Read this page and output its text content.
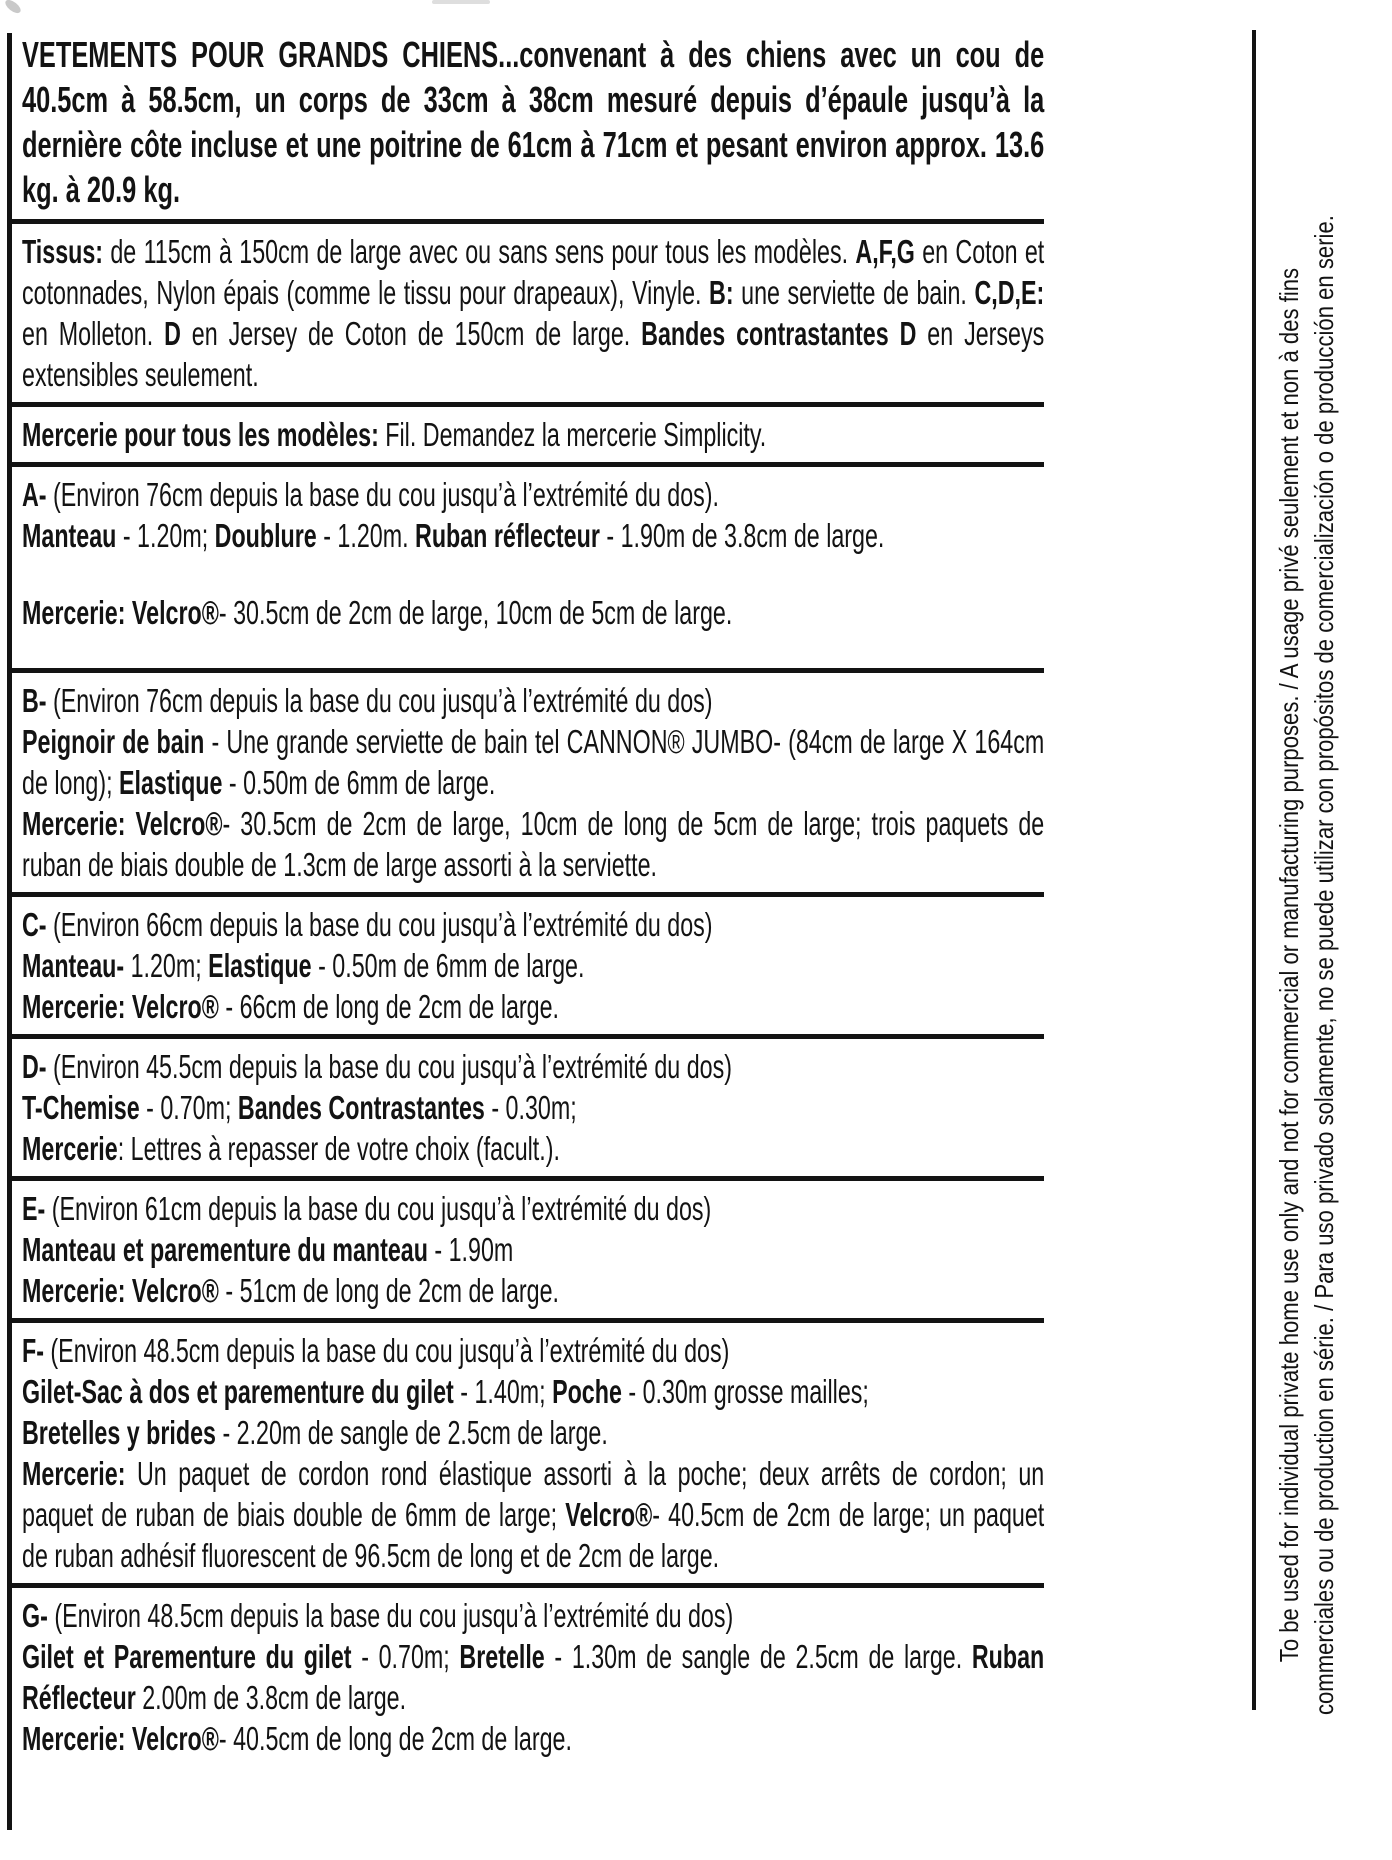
VETEMENTS POUR GRANDS CHIENS...convenant à des chiens avec un cou de 40.5cm à 58.5cm, un corps de 33cm à 38cm mesuré depuis d’épaule jusqu’à la dernière côte incluse et une poitrine de 61cm à 71cm et pesant environ approx. 13.6 kg. à 20.9 kg.

Tissus: de 115cm à 150cm de large avec ou sans sens pour tous les modèles. A,F,G en Coton et cotonnades, Nylon épais (comme le tissu pour drapeaux), Vinyle. B: une serviette de bain. C,D,E: en Molleton. D en Jersey de Coton de 150cm de large. Bandes contrastantes D en Jerseys extensibles seulement.

Mercerie pour tous les modèles: Fil. Demandez la mercerie Simplicity.

A- (Environ 76cm depuis la base du cou jusqu’à l’extrémité du dos).

Manteau - 1.20m; Doublure - 1.20m. Ruban réflecteur - 1.90m de 3.8cm de large.

Mercerie: Velcro®- 30.5cm de 2cm de large, 10cm de 5cm de large.

B- (Environ 76cm depuis la base du cou jusqu’à l’extrémité du dos)

Peignoir de bain - Une grande serviette de bain tel CANNON® JUMBO- (84cm de large X 164cm de long); Elastique - 0.50m de 6mm de large.

Mercerie: Velcro®- 30.5cm de 2cm de large, 10cm de long de 5cm de large; trois paquets de ruban de biais double de 1.3cm de large assorti à la serviette.

C- (Environ 66cm depuis la base du cou jusqu’à l’extrémité du dos)

Manteau- 1.20m; Elastique - 0.50m de 6mm de large.

Mercerie: Velcro® - 66cm de long de 2cm de large.

D- (Environ 45.5cm depuis la base du cou jusqu’à l’extrémité du dos)

T-Chemise - 0.70m; Bandes Contrastantes - 0.30m;

Mercerie: Lettres à repasser de votre choix (facult.).

E- (Environ 61cm depuis la base du cou jusqu’à l’extrémité du dos)

Manteau et parementure du manteau - 1.90m

Mercerie: Velcro® - 51cm de long de 2cm de large.

F- (Environ 48.5cm depuis la base du cou jusqu’à l’extrémité du dos)

Gilet-Sac à dos et parementure du gilet - 1.40m; Poche - 0.30m grosse mailles;

Bretelles y brides - 2.20m de sangle de 2.5cm de large.

Mercerie: Un paquet de cordon rond élastique assorti à la poche; deux arrêts de cordon; un paquet de ruban de biais double de 6mm de large; Velcro®- 40.5cm de 2cm de large; un paquet de ruban adhésif fluorescent de 96.5cm de long et de 2cm de large.

G- (Environ 48.5cm depuis la base du cou jusqu’à l’extrémité du dos)

Gilet et Parementure du gilet - 0.70m; Bretelle - 1.30m de sangle de 2.5cm de large. Ruban Réflecteur 2.00m de 3.8cm de large.

Mercerie: Velcro®- 40.5cm de long de 2cm de large.

To be used for individual private home use only and not for commercial or manufacturing purposes. / A usage privé seulement et non à des fins commerciales ou de production en série. / Para uso privado solamente, no se puede utilizar con propósitos de comercialización o de producción en serie.
